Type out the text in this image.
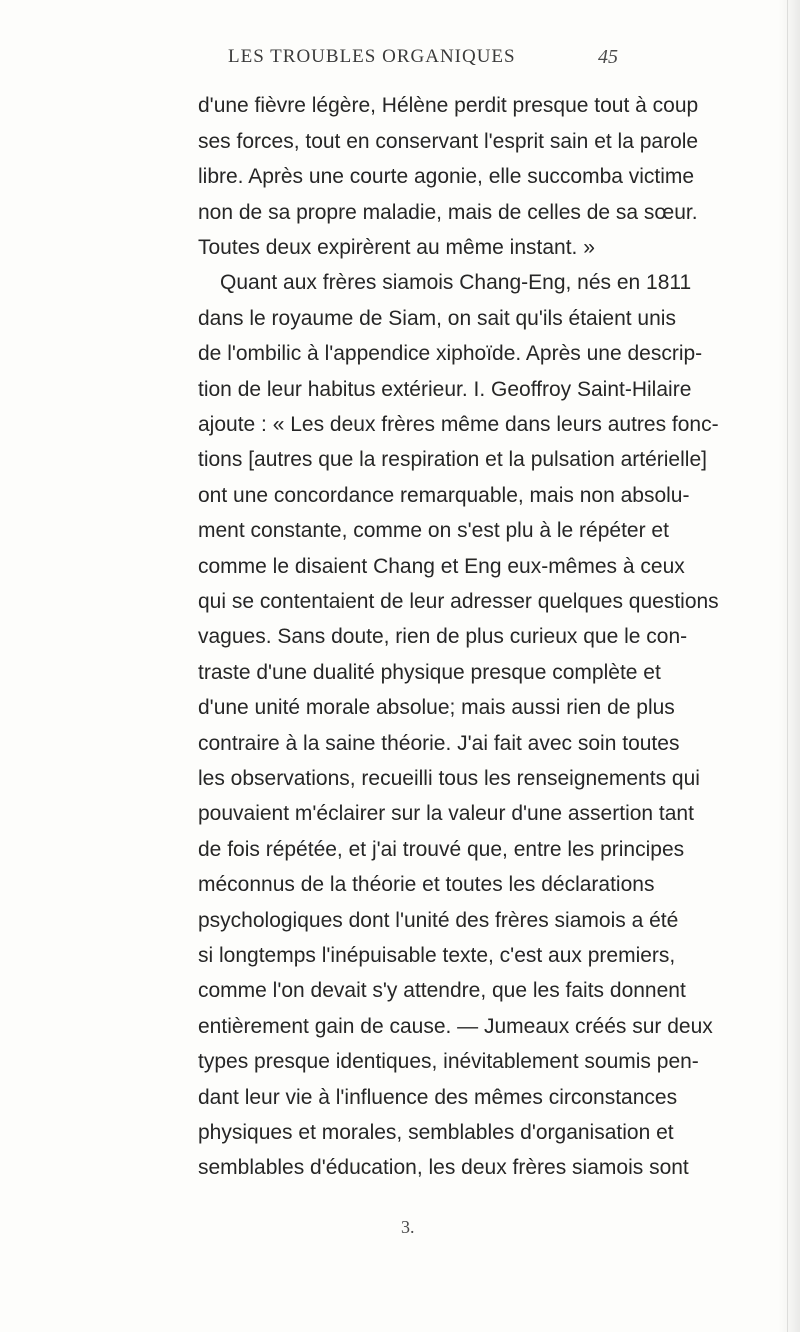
LES TROUBLES ORGANIQUES	45
d'une fièvre légère, Hélène perdit presque tout à coup
ses forces, tout en conservant l'esprit sain et la parole
libre. Après une courte agonie, elle succomba victime
non de sa propre maladie, mais de celles de sa sœur.
Toutes deux expirèrent au même instant. »
Quant aux frères siamois Chang-Eng, nés en 1811
dans le royaume de Siam, on sait qu'ils étaient unis
de l'ombilic à l'appendice xiphoïde. Après une descrip-
tion de leur habitus extérieur. I. Geoffroy Saint-Hilaire
ajoute : « Les deux frères même dans leurs autres fonc-
tions [autres que la respiration et la pulsation artérielle]
ont une concordance remarquable, mais non absolu-
ment constante, comme on s'est plu à le répéter et
comme le disaient Chang et Eng eux-mêmes à ceux
qui se contentaient de leur adresser quelques questions
vagues. Sans doute, rien de plus curieux que le con-
traste d'une dualité physique presque complète et
d'une unité morale absolue; mais aussi rien de plus
contraire à la saine théorie. J'ai fait avec soin toutes
les observations, recueilli tous les renseignements qui
pouvaient m'éclairer sur la valeur d'une assertion tant
de fois répétée, et j'ai trouvé que, entre les principes
méconnus de la théorie et toutes les déclarations
psychologiques dont l'unité des frères siamois a été
si longtemps l'inépuisable texte, c'est aux premiers,
comme l'on devait s'y attendre, que les faits donnent
entièrement gain de cause. — Jumeaux créés sur deux
types presque identiques, inévitablement soumis pen-
dant leur vie à l'influence des mêmes circonstances
physiques et morales, semblables d'organisation et
semblables d'éducation, les deux frères siamois sont
3.
